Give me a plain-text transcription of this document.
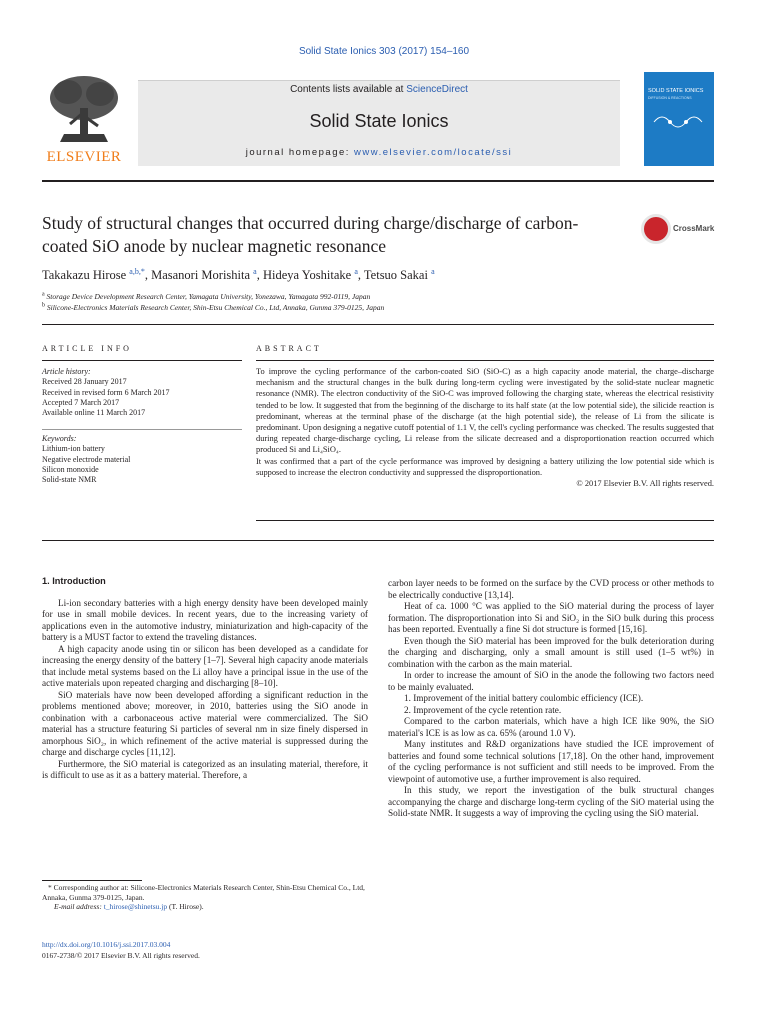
Solid State Ionics 303 (2017) 154–160
ELSEVIER
Contents lists available at ScienceDirect
Solid State Ionics
journal homepage: www.elsevier.com/locate/ssi
SOLID STATE IONICS
DIFFUSION & REACTIONS
Study of structural changes that occurred during charge/discharge of carbon-coated SiO anode by nuclear magnetic resonance
CrossMark
Takakazu Hirose $^{a,b,*}$, Masanori Morishita $^a$, Hideya Yoshitake $^a$, Tetsuo Sakai $^a$
$^a$ Storage Device Development Research Center, Yamagata University, Yonezawa, Yamagata 992-0119, Japan
$^b$ Silicone-Electronics Materials Research Center, Shin-Etsu Chemical Co., Ltd, Annaka, Gunma 379-0125, Japan
ARTICLE INFO	ABSTRACT
Article history:
Received 28 January 2017
Received in revised form 6 March 2017
Accepted 7 March 2017
Available online 11 March 2017
Keywords:
Lithium-ion battery
Negative electrode material
Silicon monoxide
Solid-state NMR

To improve the cycling performance of the carbon-coated SiO (SiO-C) as a high capacity anode material, the charge–discharge mechanism and the structural changes in the bulk during long-term cycling were investigated by the solid-state nuclear magnetic resonance (NMR). The electron conductivity of the SiO-C was improved following the charging state, whereas the electrical resistivity tended to be low. It suggested that from the beginning of the discharge to its half state (at the low potential side), the silicide reaction is predominant, whereas at the terminal phase of the discharge (at the high potential side), the release of Li from the silicate is predominant. Upon designing a negative cutoff potential of 1.1 V, the cell's cycling performance was checked. The results suggested that during repeated charge-discharge cycling, Li release from the silicate decreased and a disproportionation reaction occurred which produced Si and Li₄SiO₄.

It was confirmed that a part of the cycle performance was improved by designing a battery utilizing the low potential side which is supposed to increase the electron conductivity and suppressed the disproportionation.

© 2017 Elsevier B.V. All rights reserved.

1. Introduction

Li-ion secondary batteries with a high energy density have been developed mainly for use in small mobile devices. In recent years, due to the increasing variety of applications even in the automotive industry, miniaturization and high-capacity of the battery is a MUST factor to extend the traveling distances.

A high capacity anode using tin or silicon has been developed as a candidate for increasing the energy density of the battery [1–7]. Several high capacity anode materials that include metal systems based on the Li alloy have a principal issue in the use of the active materials upon repeated charging and discharging [8–10].

SiO materials have now been developed affording a significant reduction in the problems mentioned above; moreover, in 2010, batteries using the SiO anode in conbination with a carbonaceous active material were commercialized. The SiO material has a structure featuring Si particles of several nm in size finely dispersed in amorphous SiO₂, in which refinement of the active material is suppressed during the charge and discharge cycles [11,12].

Furthermore, the SiO material is categorized as an insulating material, therefore, it is difficult to use as it as a battery material. Therefore, a

carbon layer needs to be formed on the surface by the CVD process or other methods to be electrically conductive [13,14].

Heat of ca. 1000 °C was applied to the SiO material during the process of layer formation. The disproportionation into Si and SiO₂ in the SiO bulk during this process has been reported. Eventually a fine Si dot structure is formed [15,16].

Even though the SiO material has been improved for the bulk deterioration during the charging and discharging, only a small amount is still used (1–5 wt%) in combination with the carbon as the main material.

In order to increase the amount of SiO in the anode the following two factors need to be mainly evaluated.

1. Improvement of the initial battery coulombic efficiency (ICE).

2. Improvement of the cycle retention rate.

Compared to the carbon materials, which have a high ICE like 90%, the SiO material's ICE is as low as ca. 65% (around 1.0 V).

Many institutes and R&D organizations have studied the ICE improvement of batteries and found some technical solutions [17,18]. On the other hand, improvement of the cycling performance is not sufficient and still needs to be improved. From the viewpoint of automotive use, a further improvement is also required.

In this study, we report the investigation of the bulk structural changes accompanying the charge and discharge long-term cycling of the SiO material using the Solid-state NMR. It suggests a way of improving the cycling using the SiO material.

* Corresponding author at: Silicone-Electronics Materials Research Center, Shin-Etsu Chemical Co., Ltd, Annaka, Gunma 379-0125, Japan.
E-mail address: t_hirose@shinetsu.jp (T. Hirose).
http://dx.doi.org/10.1016/j.ssi.2017.03.004
0167-2738/© 2017 Elsevier B.V. All rights reserved.
